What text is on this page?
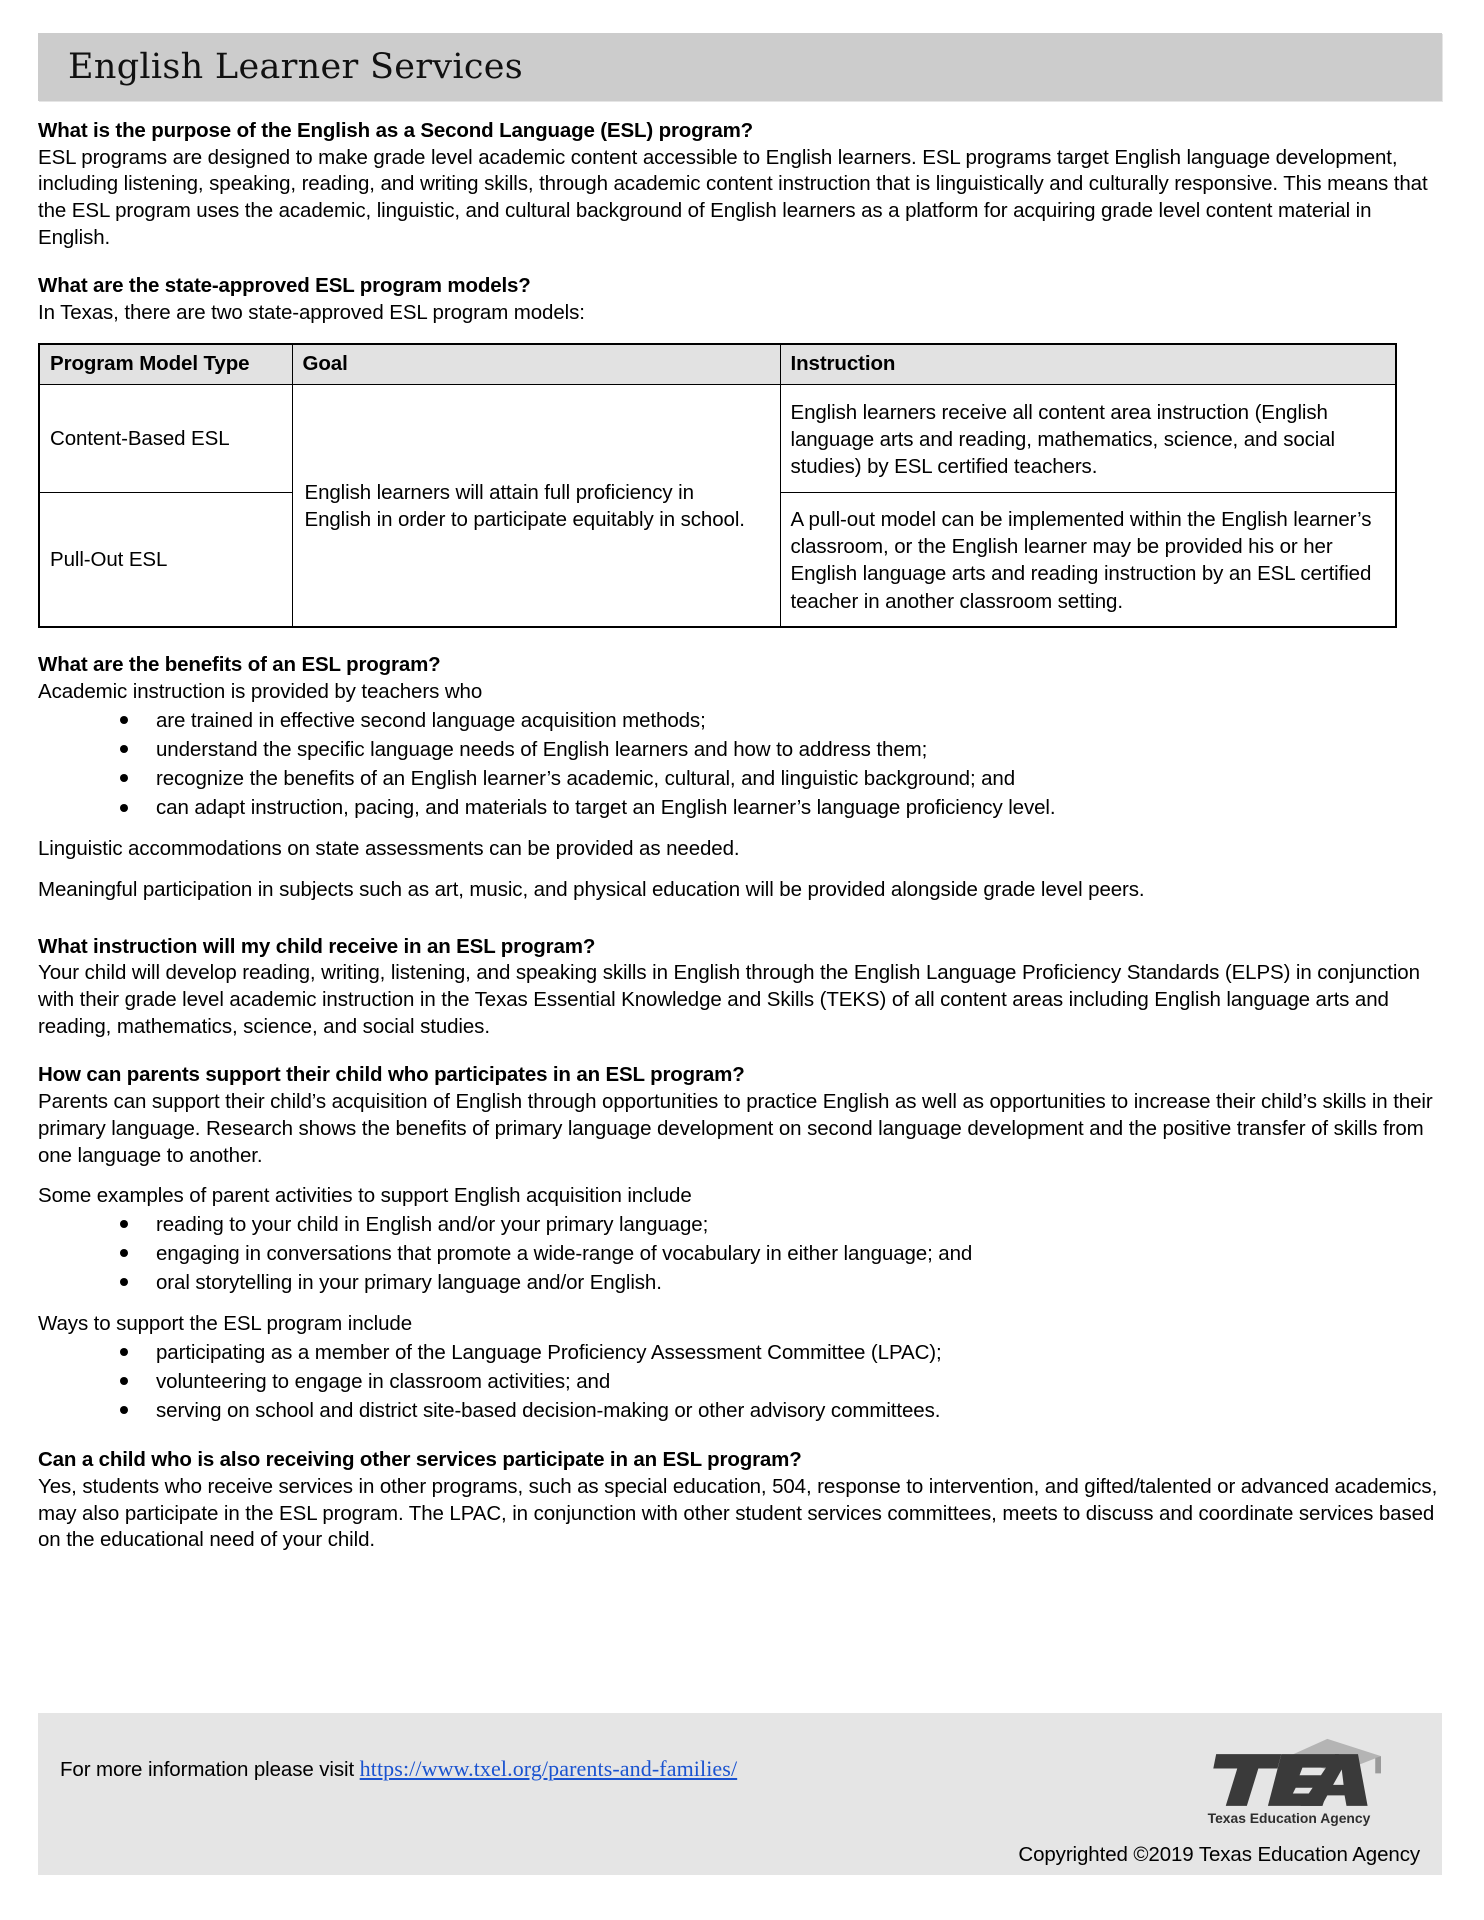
English Learner Services
What is the purpose of the English as a Second Language (ESL) program?

ESL programs are designed to make grade level academic content accessible to English learners. ESL programs target English language development, including listening, speaking, reading, and writing skills, through academic content instruction that is linguistically and culturally responsive. This means that the ESL program uses the academic, linguistic, and cultural background of English learners as a platform for acquiring grade level content material in English.

What are the state-approved ESL program models?

In Texas, there are two state-approved ESL program models:

Program Model Type	Goal	Instruction
Content-Based ESL	English learners will attain full proficiency in English in order to participate equitably in school.	English learners receive all content area instruction (English language arts and reading, mathematics, science, and social studies) by ESL certified teachers.
Pull-Out ESL		A pull-out model can be implemented within the English learner’s classroom, or the English learner may be provided his or her English language arts and reading instruction by an ESL certified teacher in another classroom setting.
What are the benefits of an ESL program?

Academic instruction is provided by teachers who

are trained in effective second language acquisition methods;
understand the specific language needs of English learners and how to address them;
recognize the benefits of an English learner’s academic, cultural, and linguistic background; and
can adapt instruction, pacing, and materials to target an English learner’s language proficiency level.

Linguistic accommodations on state assessments can be provided as needed.

Meaningful participation in subjects such as art, music, and physical education will be provided alongside grade level peers.

What instruction will my child receive in an ESL program?

Your child will develop reading, writing, listening, and speaking skills in English through the English Language Proficiency Standards (ELPS) in conjunction with their grade level academic instruction in the Texas Essential Knowledge and Skills (TEKS) of all content areas including English language arts and reading, mathematics, science, and social studies.

How can parents support their child who participates in an ESL program?

Parents can support their child’s acquisition of English through opportunities to practice English as well as opportunities to increase their child’s skills in their primary language. Research shows the benefits of primary language development on second language development and the positive transfer of skills from one language to another.

Some examples of parent activities to support English acquisition include

reading to your child in English and/or your primary language;
engaging in conversations that promote a wide-range of vocabulary in either language; and
oral storytelling in your primary language and/or English.

Ways to support the ESL program include

participating as a member of the Language Proficiency Assessment Committee (LPAC);
volunteering to engage in classroom activities; and
serving on school and district site-based decision-making or other advisory committees.
Can a child who is also receiving other services participate in an ESL program?

Yes, students who receive services in other programs, such as special education, 504, response to intervention, and gifted/talented or advanced academics, may also participate in the ESL program. The LPAC, in conjunction with other student services committees, meets to discuss and coordinate services based on the educational need of your child.

For more information please visit https://www.txel.org/parents-and-families/
Texas Education Agency
Copyrighted ©2019 Texas Education Agency
